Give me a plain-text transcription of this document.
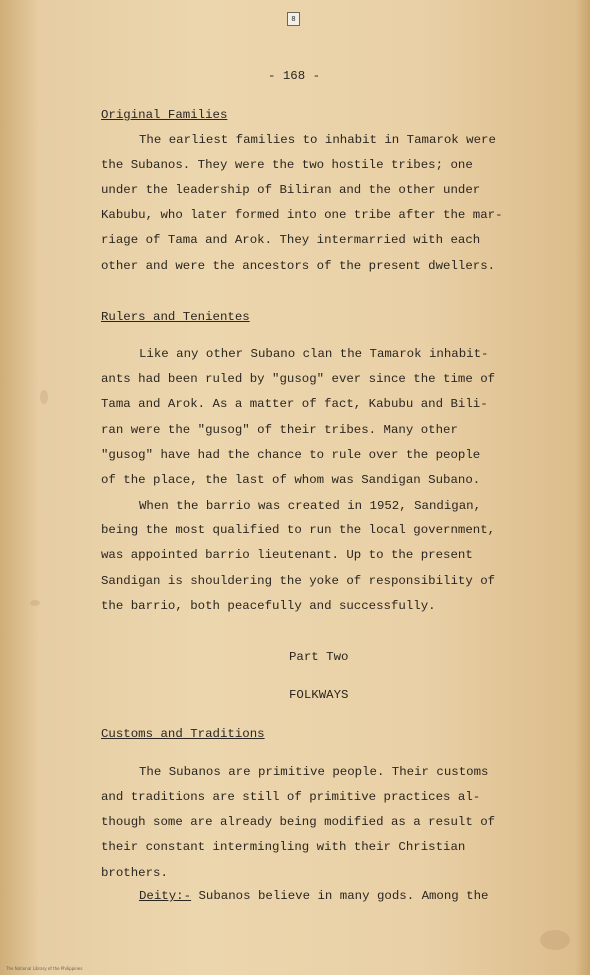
8
- 168 -
Original Families
The earliest families to inhabit in Tamarok were
the Subanos. They were the two hostile tribes; one
under the leadership of Biliran and the other under
Kabubu, who later formed into one tribe after the mar-
riage of Tama and Arok. They intermarried with each
other and were the ancestors of the present dwellers.
Rulers and Tenientes
Like any other Subano clan the Tamarok inhabit-
ants had been ruled by "gusog" ever since the time of
Tama and Arok. As a matter of fact, Kabubu and Bili-
ran were the "gusog" of their tribes. Many other
"gusog" have had the chance to rule over the people
of the place, the last of whom was Sandigan Subano.
When the barrio was created in 1952, Sandigan,
being the most qualified to run the local government,
was appointed barrio lieutenant. Up to the present
Sandigan is shouldering the yoke of responsibility of
the barrio, both peacefully and successfully.
Part Two
FOLKWAYS
Customs and Traditions
The Subanos are primitive people. Their customs
and traditions are still of primitive practices al-
though some are already being modified as a result of
their constant intermingling with their Christian
brothers.
Deity:- Subanos believe in many gods. Among the
The National Library of the Philippines
